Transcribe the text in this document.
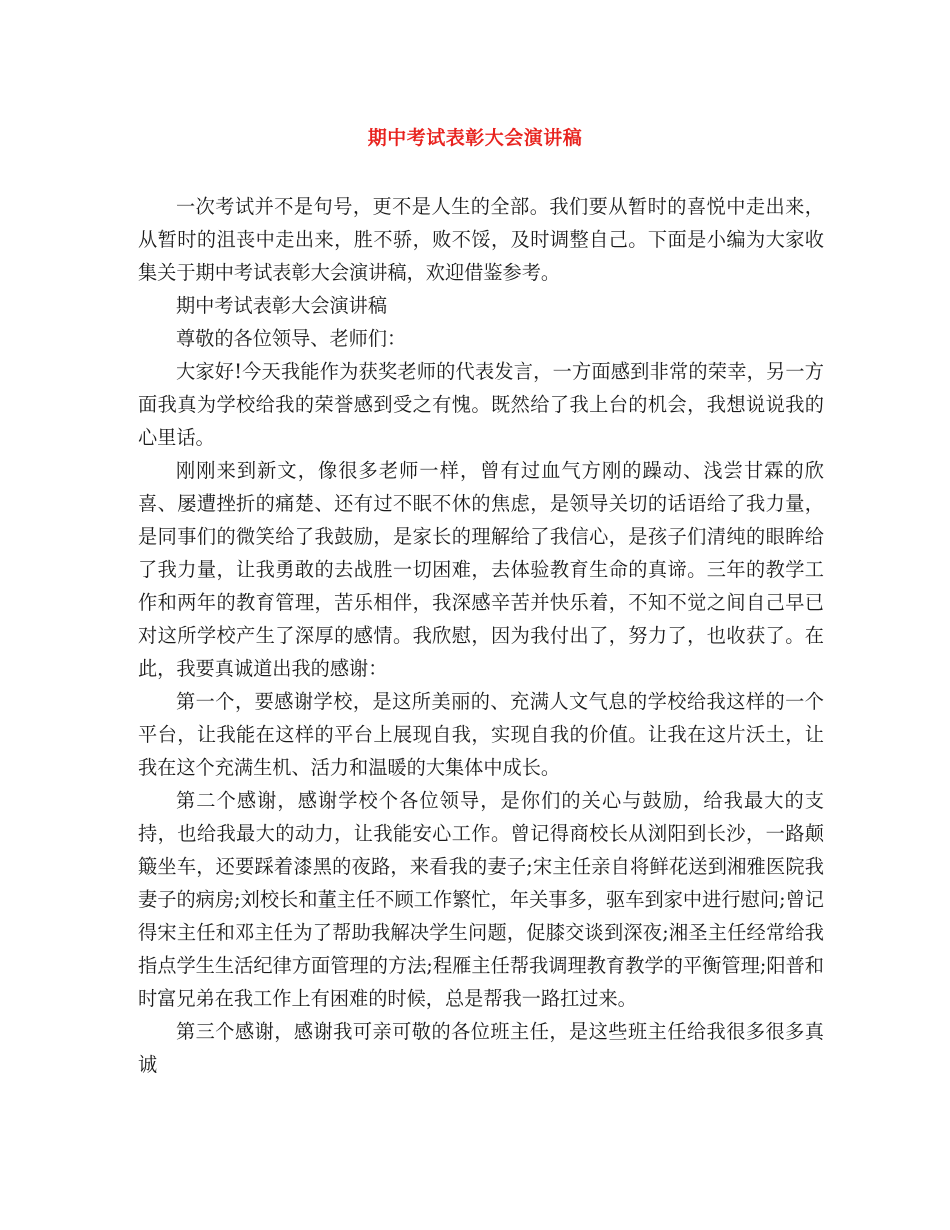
期中考试表彰大会演讲稿

一次考试并不是句号，更不是人生的全部。我们要从暂时的喜悦中走出来，从暂时的沮丧中走出来，胜不骄，败不馁，及时调整自己。下面是小编为大家收集关于期中考试表彰大会演讲稿，欢迎借鉴参考。

期中考试表彰大会演讲稿

尊敬的各位领导、老师们：

大家好!今天我能作为获奖老师的代表发言，一方面感到非常的荣幸，另一方面我真为学校给我的荣誉感到受之有愧。既然给了我上台的机会，我想说说我的心里话。

刚刚来到新文，像很多老师一样，曾有过血气方刚的躁动、浅尝甘霖的欣喜、屡遭挫折的痛楚、还有过不眠不休的焦虑，是领导关切的话语给了我力量，是同事们的微笑给了我鼓励，是家长的理解给了我信心，是孩子们清纯的眼眸给了我力量，让我勇敢的去战胜一切困难，去体验教育生命的真谛。三年的教学工作和两年的教育管理，苦乐相伴，我深感辛苦并快乐着，不知不觉之间自己早已对这所学校产生了深厚的感情。我欣慰，因为我付出了，努力了，也收获了。在此，我要真诚道出我的感谢：

第一个，要感谢学校，是这所美丽的、充满人文气息的学校给我这样的一个平台，让我能在这样的平台上展现自我，实现自我的价值。让我在这片沃土，让我在这个充满生机、活力和温暖的大集体中成长。

第二个感谢，感谢学校个各位领导，是你们的关心与鼓励，给我最大的支持，也给我最大的动力，让我能安心工作。曾记得商校长从浏阳到长沙，一路颠簸坐车，还要踩着漆黑的夜路，来看我的妻子;宋主任亲自将鲜花送到湘雅医院我妻子的病房;刘校长和董主任不顾工作繁忙，年关事多，驱车到家中进行慰问;曾记得宋主任和邓主任为了帮助我解决学生问题，促膝交谈到深夜;湘圣主任经常给我指点学生生活纪律方面管理的方法;程雁主任帮我调理教育教学的平衡管理;阳普和时富兄弟在我工作上有困难的时候，总是帮我一路扛过来。

第三个感谢，感谢我可亲可敬的各位班主任，是这些班主任给我很多很多真诚
